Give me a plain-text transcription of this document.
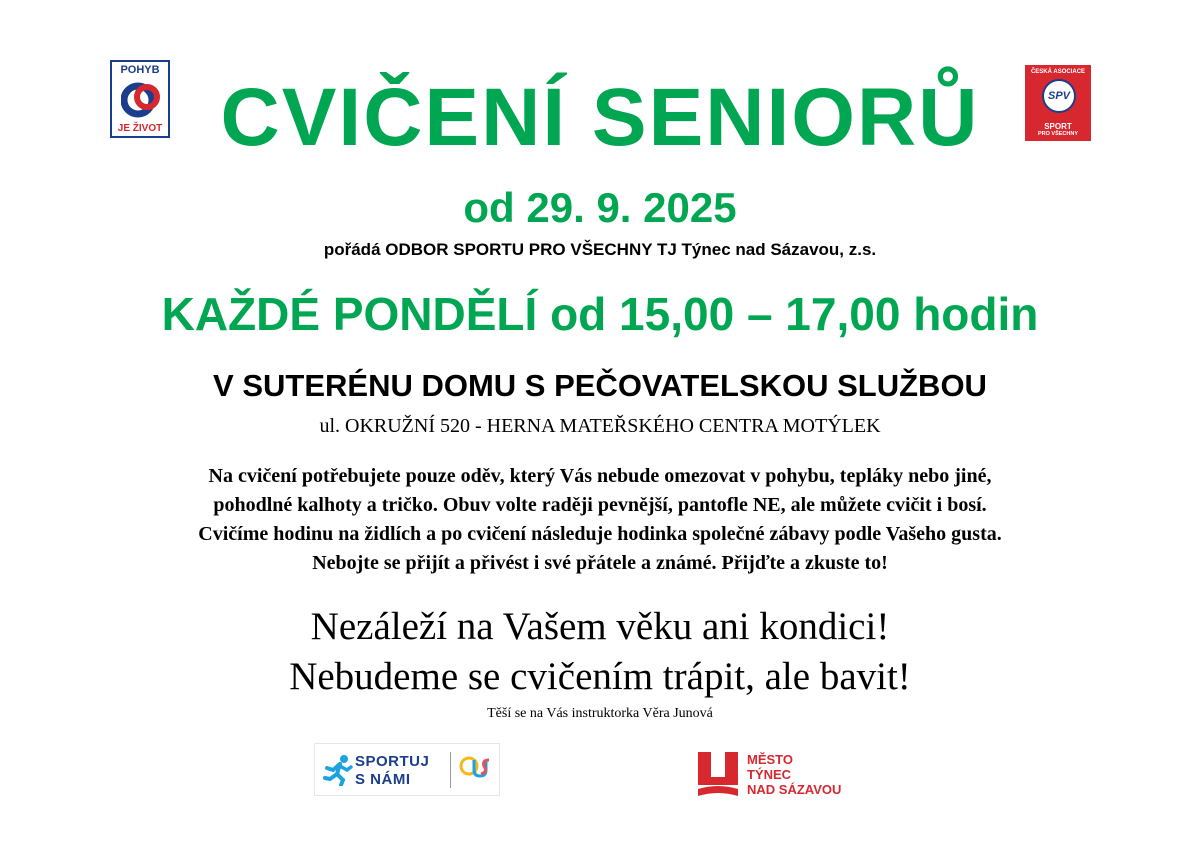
POHYB
JE ŽIVOT
ČESKÁ ASOCIACE
SPV
SPORT
PRO VŠECHNY
CVIČENÍ SENIORŮ
od 29. 9. 2025
pořádá ODBOR SPORTU PRO VŠECHNY TJ Týnec nad Sázavou, z.s.
KAŽDÉ PONDĚLÍ od 15,00 – 17,00 hodin
V SUTERÉNU DOMU S PEČOVATELSKOU SLUŽBOU
ul. OKRUŽNÍ 520 - HERNA MATEŘSKÉHO CENTRA MOTÝLEK
Na cvičení potřebujete pouze oděv, který Vás nebude omezovat v pohybu, tepláky nebo jiné,
pohodlné kalhoty a tričko. Obuv volte raději pevnější, pantofle NE, ale můžete cvičit i bosí.
Cvičíme hodinu na židlích a po cvičení následuje hodinka společné zábavy podle Vašeho gusta.
Nebojte se přijít a přivést i své přátele a známé. Přijďte a zkuste to!
Nezáleží na Vašem věku ani kondici!
Nebudeme se cvičením trápit, ale bavit!
Těší se na Vás instruktorka Věra Junová
SPORTUJ
S NÁMI
MĚSTO
TÝNEC
NAD SÁZAVOU
